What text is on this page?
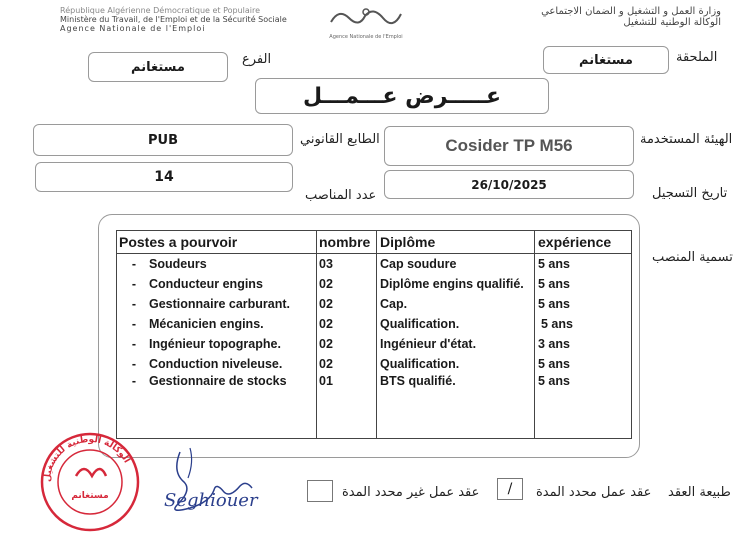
République Algérienne Démocratique et Populaire
Ministère du Travail, de l'Emploi et de la Sécurité Sociale
Agence Nationale de l'Emploi
Agence Nationale de l'Emploi
وزارة العمل و التشغيل و الضمان الاجتماعي
الوكالة الوطنية للتشغيل
الملحقة
مستغانم
الفرع
مستغانم
عـــــرض عـــمـــل
الهيئة المستخدمة
Cosider TP M56
الطابع القانوني
PUB
تاريخ التسجيل
26/10/2025
عدد المناصب
14
تسمية المنصب
Postes a pourvoir	nombre	Diplôme	expérience
- Soudeurs	03	Cap soudure	5 ans
- Conducteur engins	02	Diplôme engins qualifié.	5 ans
- Gestionnaire carburant.	02	Cap.	5 ans
- Mécanicien engins.	02	Qualification.	5 ans
- Ingénieur topographe.	02	Ingénieur d'état.	3 ans
- Conduction niveleuse.	02	Qualification.	5 ans
- Gestionnaire de stocks	01	BTS qualifié.	5 ans
الوكالة الوطنية للتشغيل
مستغانم	Seghiouer	طبيعة العقد
عقد عمل محدد المدة
/
عقد عمل غير محدد المدة
